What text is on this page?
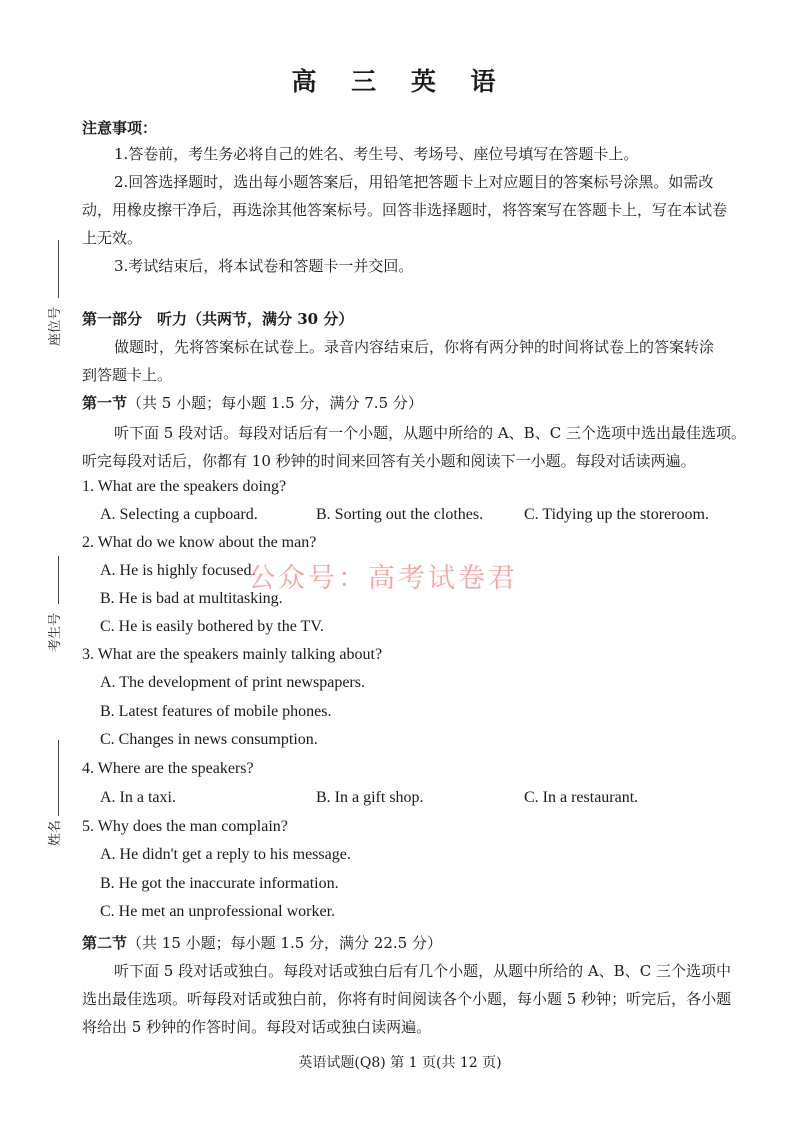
高 三 英 语
注意事项：
1.答卷前，考生务必将自己的姓名、考生号、考场号、座位号填写在答题卡上。
2.回答选择题时，选出每小题答案后，用铅笔把答题卡上对应题目的答案标号涂黑。如需改
动，用橡皮擦干净后，再选涂其他答案标号。回答非选择题时，将答案写在答题卡上，写在本试卷
上无效。
3.考试结束后，将本试卷和答题卡一并交回。
第一部分　听力（共两节，满分 30 分）
做题时，先将答案标在试卷上。录音内容结束后，你将有两分钟的时间将试卷上的答案转涂
到答题卡上。
第一节（共 5 小题；每小题 1.5 分，满分 7.5 分）
听下面 5 段对话。每段对话后有一个小题，从题中所给的 A、B、C 三个选项中选出最佳选项。
听完每段对话后，你都有 10 秒钟的时间来回答有关小题和阅读下一小题。每段对话读两遍。
1. What are the speakers doing?
A. Selecting a cupboard.	B. Sorting out the clothes.	C. Tidying up the storeroom.
2. What do we know about the man?
A. He is highly focused.
B. He is bad at multitasking.
C. He is easily bothered by the TV.
3. What are the speakers mainly talking about?
A. The development of print newspapers.
B. Latest features of mobile phones.
C. Changes in news consumption.
4. Where are the speakers?
A. In a taxi.	B. In a gift shop.	C. In a restaurant.
5. Why does the man complain?
A. He didn't get a reply to his message.
B. He got the inaccurate information.
C. He met an unprofessional worker.
第二节（共 15 小题；每小题 1.5 分，满分 22.5 分）
听下面 5 段对话或独白。每段对话或独白后有几个小题，从题中所给的 A、B、C 三个选项中
选出最佳选项。听每段对话或独白前，你将有时间阅读各个小题，每小题 5 秒钟；听完后，各小题
将给出 5 秒钟的作答时间。每段对话或独白读两遍。
公众号：高考试卷君
座位号
考生号
姓名
英语试题(Q8) 第 1 页(共 12 页)
